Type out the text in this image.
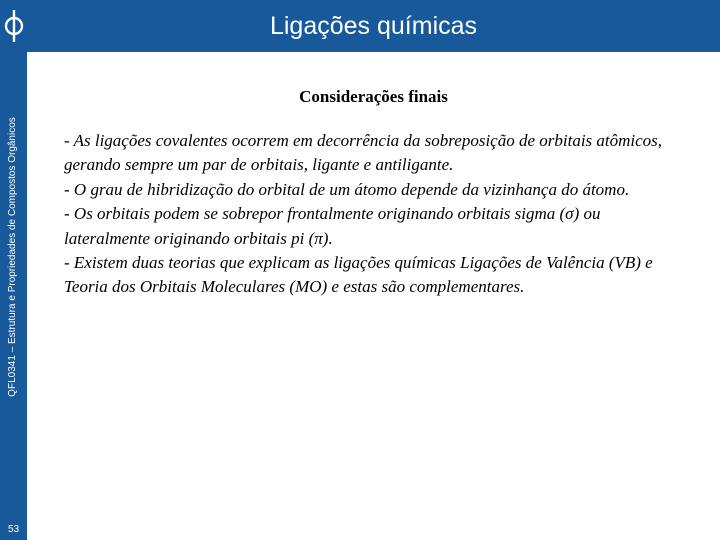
QFL0341 – Estrutura e Propriedades de Compostos Orgânicos
53
Ligações químicas
Considerações finais

- As ligações covalentes ocorrem em decorrência da sobreposição de orbitais atômicos, gerando sempre um par de orbitais, ligante e antiligante.

- O grau de hibridização do orbital de um átomo depende da vizinhança do átomo.

- Os orbitais podem se sobrepor frontalmente originando orbitais sigma (σ) ou lateralmente originando orbitais pi (π).

- Existem duas teorias que explicam as ligações químicas Ligações de Valência (VB) e Teoria dos Orbitais Moleculares (MO) e estas são complementares.
